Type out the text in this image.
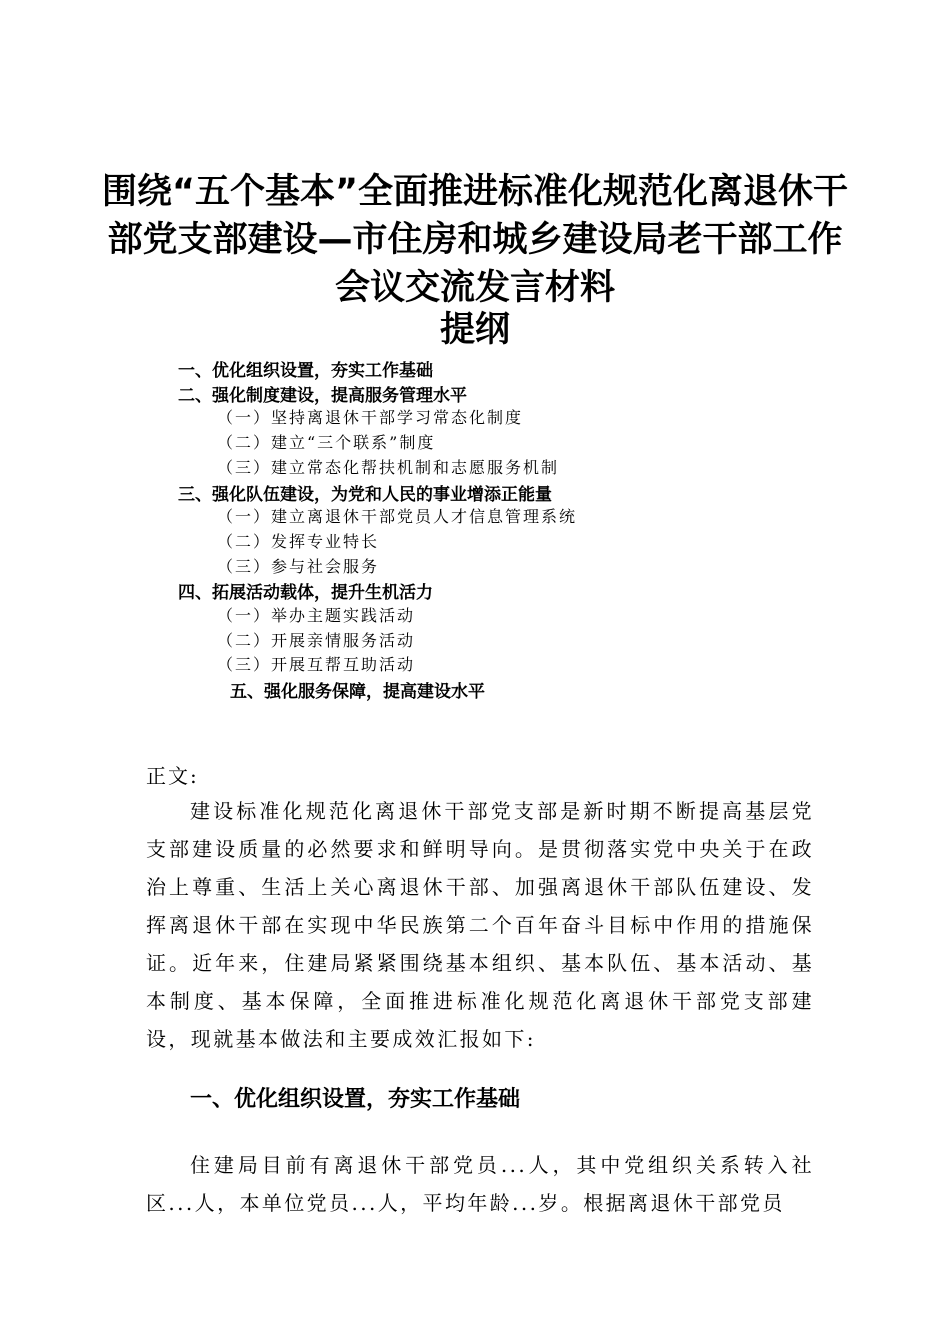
围绕“五个基本”全面推进标准化规范化离退休干部党支部建设—市住房和城乡建设局老干部工作会议交流发言材料
提纲
一、优化组织设置，夯实工作基础
二、强化制度建设，提高服务管理水平
（一）坚持离退休干部学习常态化制度
（二）建立“三个联系”制度
（三）建立常态化帮扶机制和志愿服务机制
三、强化队伍建设，为党和人民的事业增添正能量
（一）建立离退休干部党员人才信息管理系统
（二）发挥专业特长
（三）参与社会服务
四、拓展活动载体，提升生机活力
（一）举办主题实践活动
（二）开展亲情服务活动
（三）开展互帮互助活动
五、强化服务保障，提高建设水平
正文:

建设标准化规范化离退休干部党支部是新时期不断提高基层党支部建设质量的必然要求和鲜明导向。是贯彻落实党中央关于在政治上尊重、生活上关心离退休干部、加强离退休干部队伍建设、发挥离退休干部在实现中华民族第二个百年奋斗目标中作用的措施保证。近年来，住建局紧紧围绕基本组织、基本队伍、基本活动、基本制度、基本保障，全面推进标准化规范化离退休干部党支部建设，现就基本做法和主要成效汇报如下:

一、优化组织设置，夯实工作基础

住建局目前有离退休干部党员...人，其中党组织关系转入社区...人，本单位党员...人，平均年龄...岁。根据离退休干部党员
